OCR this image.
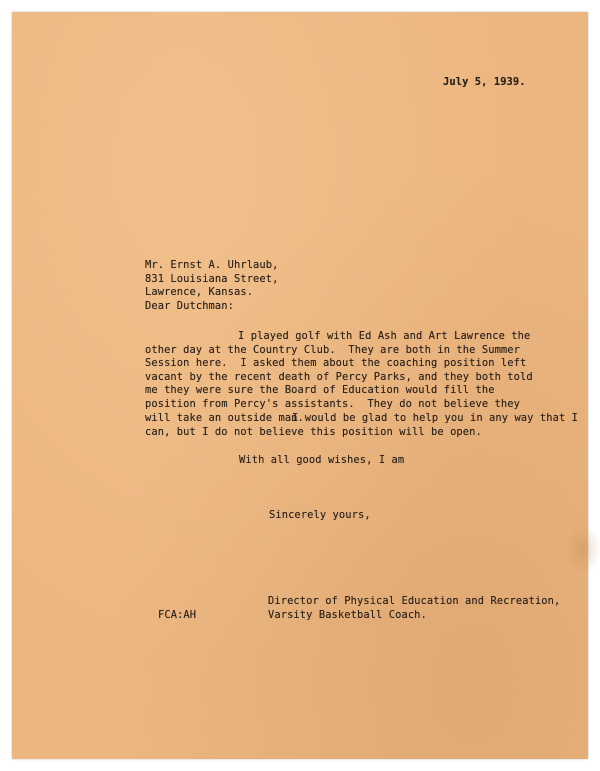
July 5, 1939.
Mr. Ernst A. Uhrlaub,
831 Louisiana Street,
Lawrence, Kansas.
Dear Dutchman:
I played golf with Ed Ash and Art Lawrence the
other day at the Country Club.  They are both in the Summer
Session here.  I asked them about the coaching position left
vacant by the recent death of Percy Parks, and they both told
me they were sure the Board of Education would fill the
position from Percy's assistants.  They do not believe they
will take an outside man.
I would be glad to help you in any way that I
can, but I do not believe this position will be open.
With all good wishes, I am
Sincerely yours,
Director of Physical Education and Recreation,
Varsity Basketball Coach.
FCA:AH
